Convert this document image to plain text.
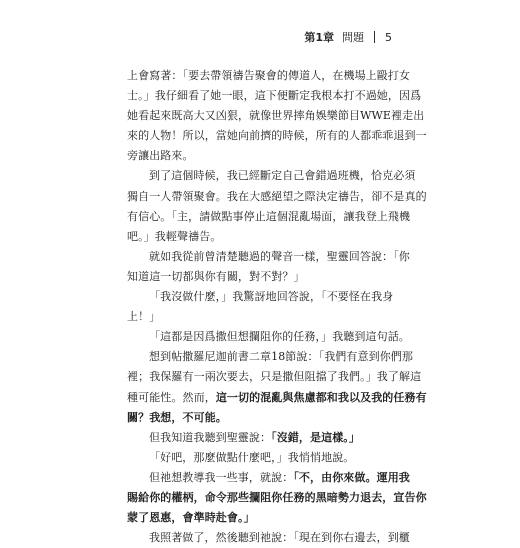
第1章 問題 5
上會寫著：「要去帶領禱告聚會的傳道人，在機場上毆打女
士。」我仔細看了她一眼，這下便斷定我根本打不過她，因爲
她看起來既高大又凶狠，就像世界摔角娛樂節目WWE裡走出
來的人物！所以，當她向前擠的時候，所有的人都乖乖退到一
旁讓出路來。
到了這個時候，我已經斷定自己會錯過班機，恰克必須
獨自一人帶領聚會。我在大感絕望之際決定禱告，卻不是真的
有信心。「主，請做點事停止這個混亂場面，讓我登上飛機
吧。」我輕聲禱告。
就如我從前曾清楚聽過的聲音一樣，聖靈回答說：「你
知道這一切都與你有關，對不對？」
「我沒做什麼，」我驚訝地回答說，「不要怪在我身
上！」
「這都是因爲撒但想攔阻你的任務，」我聽到這句話。
想到帖撒羅尼迦前書二章18節說：「我們有意到你們那
裡；我保羅有一兩次要去，只是撒但阻擋了我們。」我了解這
種可能性。然而，這一切的混亂與焦慮都和我以及我的任務有
關？我想，不可能。
但我知道我聽到聖靈說：「沒錯，是這樣。」
「好吧，那麼做點什麼吧，」我悄悄地說。
但祂想教導我一些事，就說：「不，由你來做。運用我
賜給你的權柄，命令那些攔阻你任務的黑暗勢力退去，宣告你
蒙了恩惠，會準時赴會。」
我照著做了，然後聽到祂說：「現在到你右邊去，到櫃
